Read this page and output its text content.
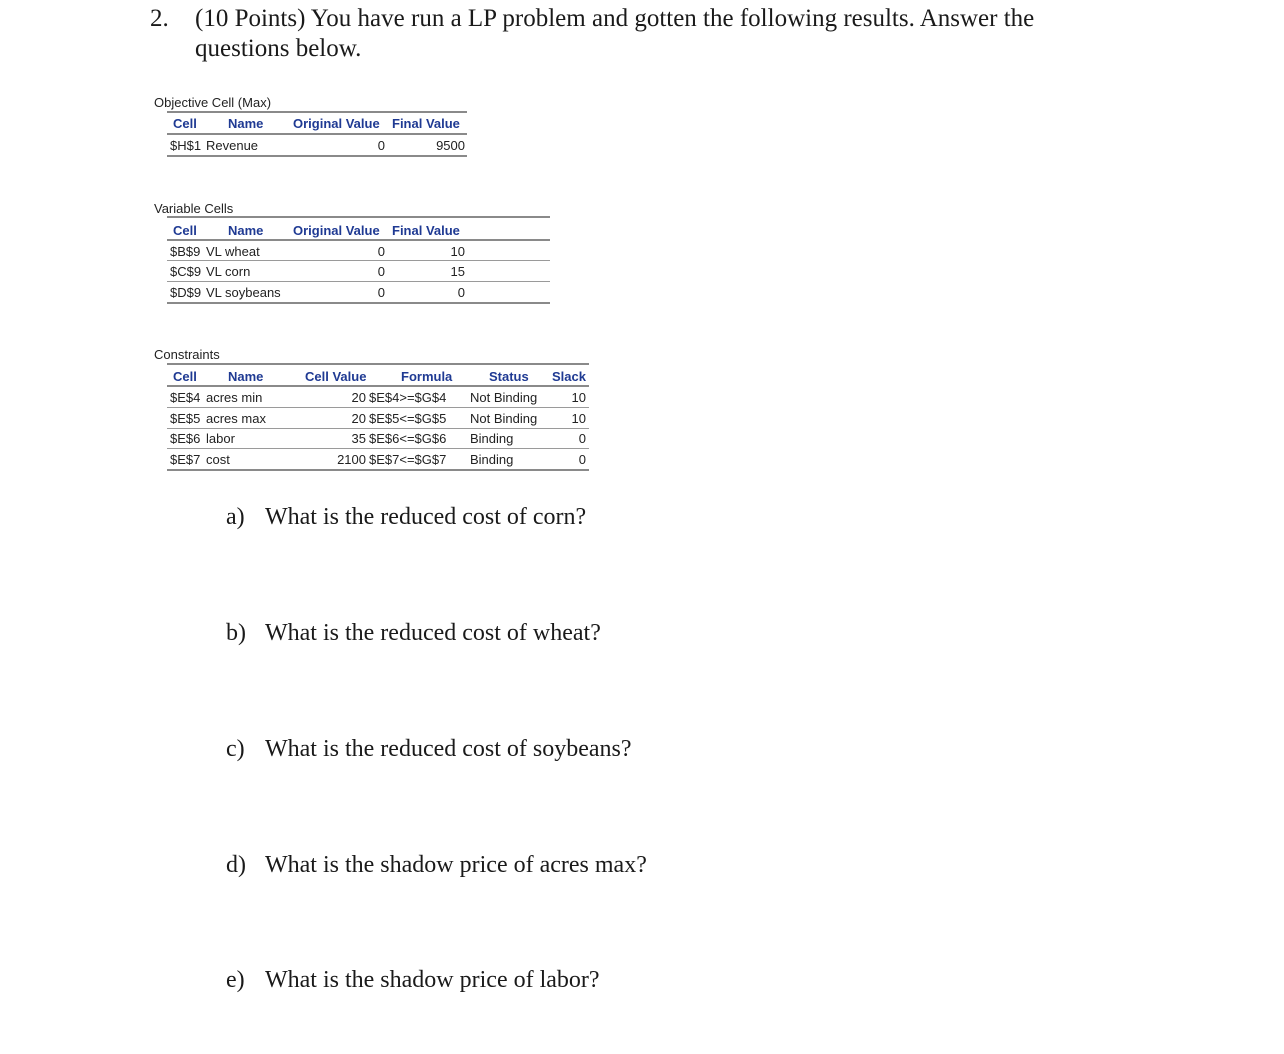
2. (10 Points) You have run a LP problem and gotten the following results. Answer the questions below.
Objective Cell (Max)
Cell Name Original Value Final Value
$H$1 Revenue	0	9500
Variable Cells
Cell Name Original Value Final Value
$B$9 VL wheat	0	10
$C$9 VL corn	0	15
$D$9 VL soybeans	0	0
Constraints
Cell Name	Cell Value	Formula	Status Slack
$E$4 acres min	20 $E$4>=$G$4 Not Binding	10
$E$5 acres max	20 $E$5<=$G$5 Not Binding	10
$E$6 labor	35 $E$6<=$G$6 Binding	0
$E$7 cost	2100 $E$7<=$G$7 Binding	0
a) What is the reduced cost of corn?
b) What is the reduced cost of wheat?
c) What is the reduced cost of soybeans?
d) What is the shadow price of acres max?
e) What is the shadow price of labor?
